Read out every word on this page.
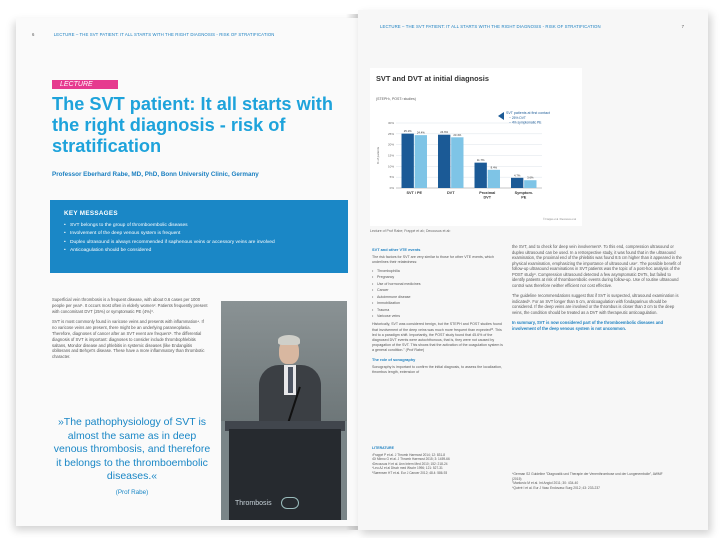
6	LECTURE – THE SVT PATIENT: IT ALL STARTS WITH THE RIGHT DIAGNOSIS - RISK OF STRATIFICATION
LECTURE
The SVT patient: It all starts with the right diagnosis - risk of stratification
Professor Eberhard Rabe, MD, PhD, Bonn University Clinic, Germany
KEY MESSAGES
• SVT belongs to the group of thromboembolic diseases
• Involvement of the deep venous system is frequent
• Duplex ultrasound is always recommended if saphenous veins or accessory veins are involved
• Anticoagulation should be considered

Superficial vein thrombosis is a frequent disease, with about 0.6 cases per 1000 people per year¹. It occurs most often in elderly women². Patients frequently present with concomitant DVT (25%) or symptomatic PE (4%)³.

SVT is most commonly found in varicose veins and presents with inflammation⁴. If no varicose veins are present, there might be an underlying paraneoplasia. Therefore, diagnoses of cancer after an SVT event are frequent⁵. The differential diagnosis of SVT is important: diagnoses to consider include thrombophlebitis saltans, Mondor disease and phlebitis in systemic diseases (like Endangiitis obliterans and Behçet's disease. These have a more inflammatory than thrombotic character.

»The pathophysiology of SVT is almost the same as in deep venous thrombosis, and therefore it belongs to the thromboembolic diseases.«
(Prof Rabe)
Thrombosis
LECTURE – THE SVT PATIENT: IT ALL STARTS WITH THE RIGHT DIAGNOSIS - RISK OF STRATIFICATION	7
SVT and DVT at initial diagnosis
(STEPH¹, POST² studies)
0%
5%
10%
15%
20%
25%
30%
% of patients
25.1% 24.4%
SVT / PE
24.6%
23.4%
DVT
11.7%
8.4%
Proximal
DVT
4.7%
3.6%
Symptom.
PE
SVT patients at first contact
~ 25% DVT
~ 4% symptomatic PE
© Frappé et al / Decousus et al
Lecture of Prof Rabe; Frappé et al¹; Decousus et al²
SVT and other VTE events

The risk factors for SVT are very similar to those for other VTE events, which underlines their relatedness:

• Thrombophilia
• Pregnancy
• Use of hormonal medicines
• Cancer
• Autoimmune disease
• Immobilization
• Trauma
• Varicose veins

Historically, SVT was considered benign, but the STEPH and POST studies found that involvement of the deep veins was much more frequent than expected²³. This led to a paradigm shift. Importantly, the POST study found that 45.6% of the diagnosed DVT events were autochthonous, that is, they were not caused by propagation of the SVT. This shows that the activation of the coagulation system is a general condition." (Prof Rabe)

The role of sonography

Sonography is important to confirm the initial diagnosis, to assess the localization, thrombus length, extension of

LITERATURE
¹Frappé P et al. J Thromb Haemost 2014; 12: 831-8
²Di Minno G et al. J Thromb Haemost 2015; 3: 1459-66
³Decousus H et al. Ann Intern Med 2010; 152: 218-24
⁴Leu AJ et al Dtsch med Wschr 1996; 121: 527-31
⁵Sørensen HT et al. Eur J Cancer 2012; 48.4: 586-93

the SVT, and to check for deep vein involvement⁶. To this end, compression ultrasound or duplex ultrasound can be used. In a retrospective study, it was found that in the ultrasound examination, the proximal end of the phlebitis was found 8.5 cm higher than it appeared in the physical examination, emphasizing the importance of ultrasound use⁷. The possible benefit of follow-up ultrasound examinations in SVT patients was the topic of a post-hoc analysis of the POST study⁸. Compression ultrasound detected a few asymptomatic DVTs, but failed to identify patients at risk of thromboembolic events during follow-up. Use of routine ultrasound control was therefore neither efficient nor cost effective.

The guideline recommendations suggest that if SVT is suspected, ultrasound examination is indicated⁶. For an SVT longer than 5 cm, anticoagulation with fondaparinux should be considered. If the deep veins are involved or the thrombus is closer than 3 cm to the deep veins, the condition should be treated as a DVT with therapeutic anticoagulation.

In summary, SVT is now considered part of the thromboembolic diseases and involvement of the deep venous system is not uncommon.

⁶German S2 Guideline "Diagnostik und Therapie der Venenthrombose und der Lungenembolie", AWMF (2015)
⁷Markovic M et al. Int Angiol 2011; 30: 434-40
⁸Quéré I et al. Eur J Vasc Endovasc Surg 2012; 43: 233-237
